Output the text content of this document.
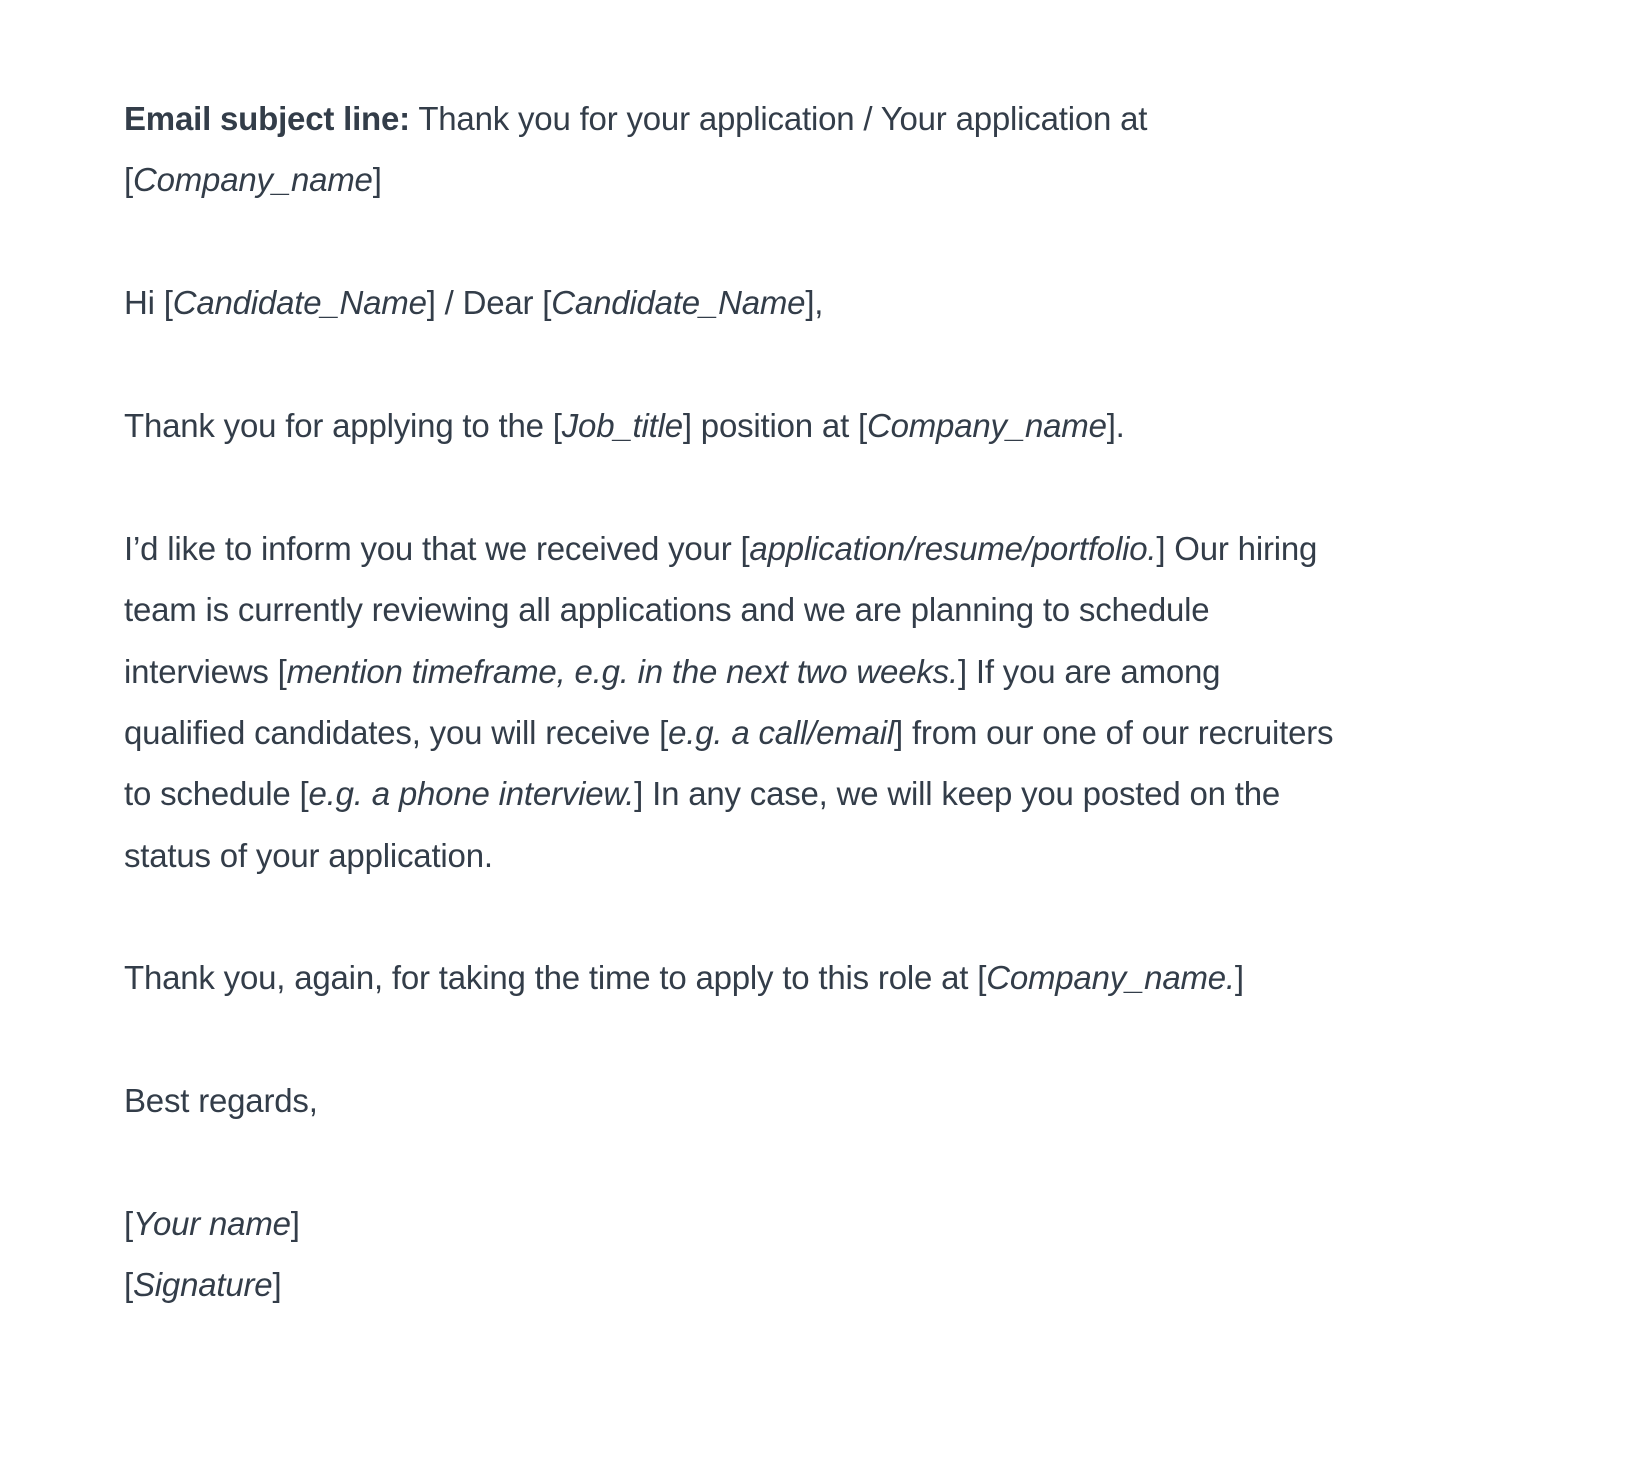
Email subject line: Thank you for your application / Your application at
[Company_name]
Hi [Candidate_Name] / Dear [Candidate_Name],
Thank you for applying to the [Job_title] position at [Company_name].
I’d like to inform you that we received your [application/resume/portfolio.] Our hiring
team is currently reviewing all applications and we are planning to schedule
interviews [mention timeframe, e.g. in the next two weeks.] If you are among
qualified candidates, you will receive [e.g. a call/email] from our one of our recruiters
to schedule [e.g. a phone interview.] In any case, we will keep you posted on the
status of your application.
Thank you, again, for taking the time to apply to this role at [Company_name.]
Best regards,
[Your name]
[Signature]
